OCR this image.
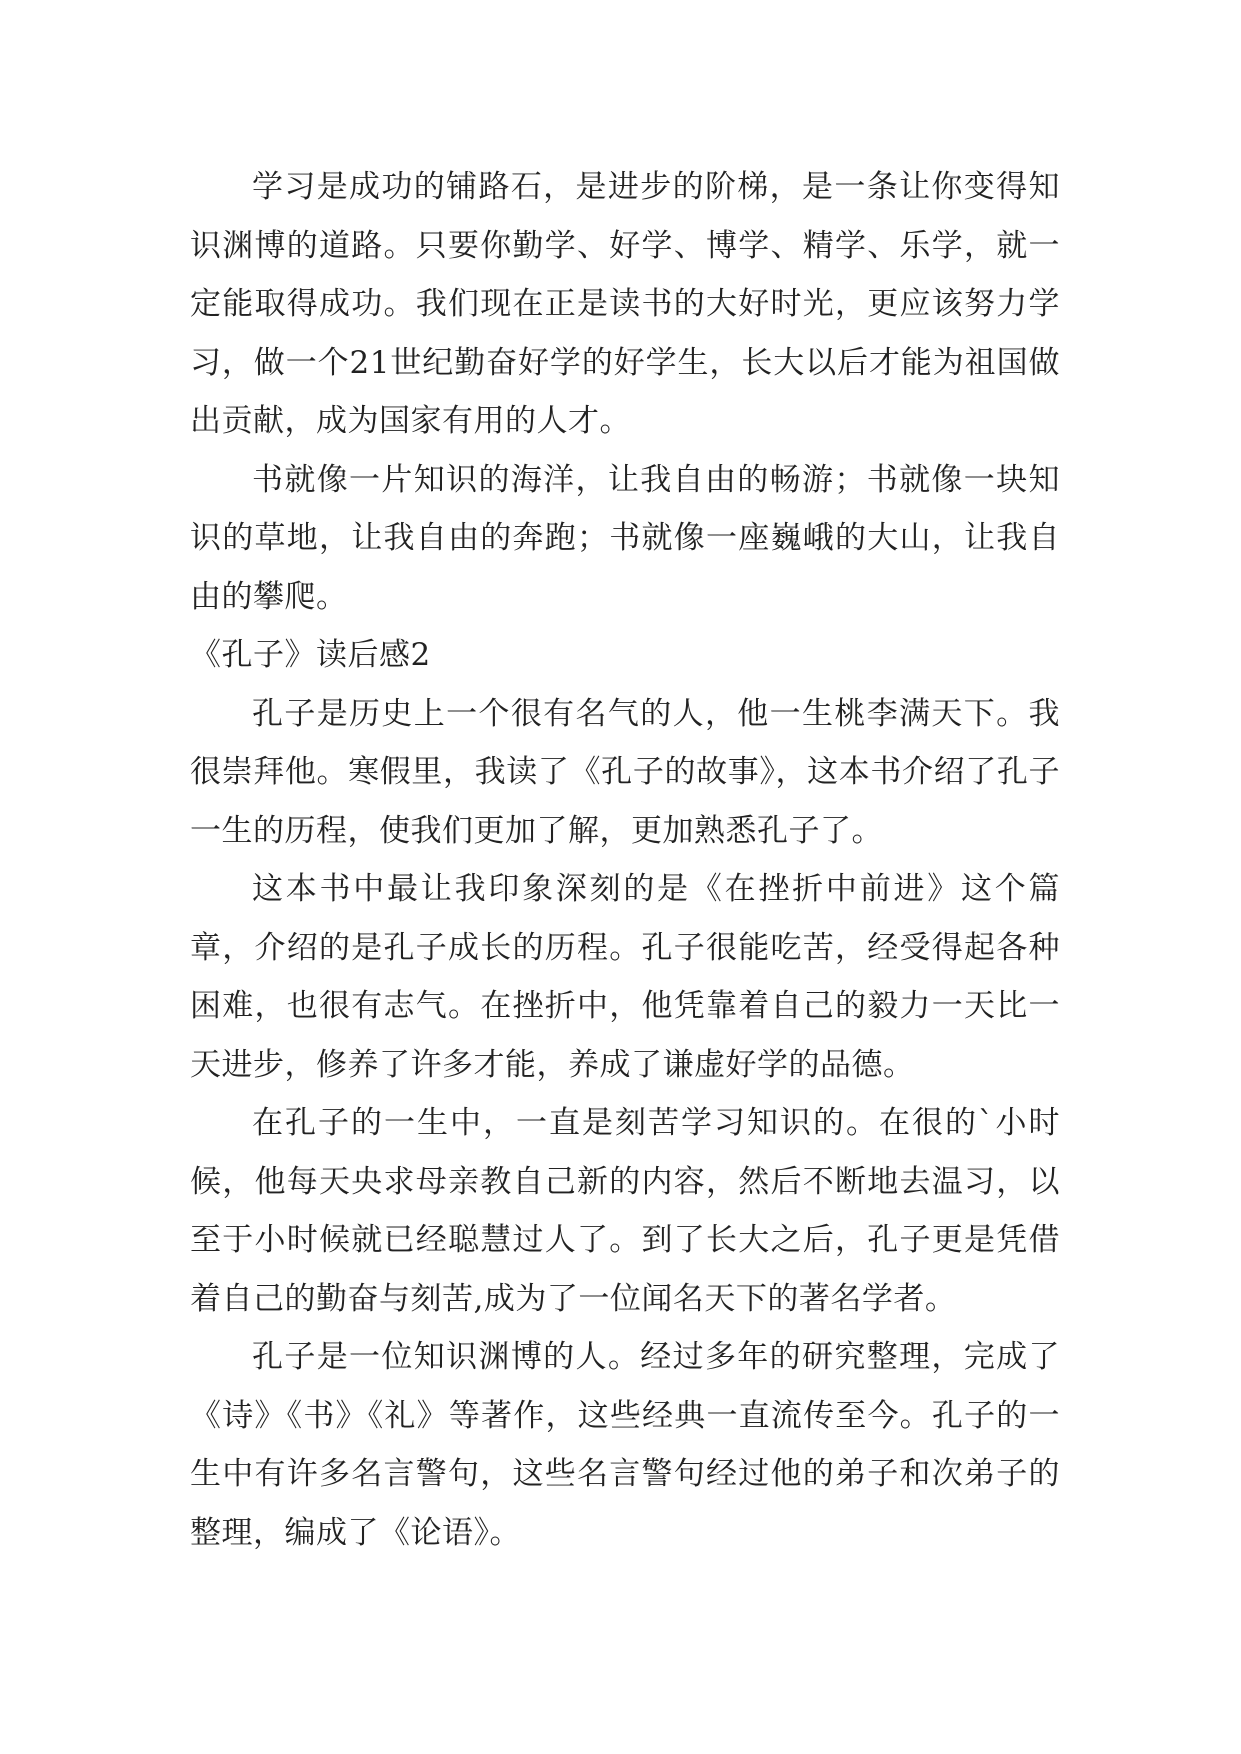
学习是成功的铺路石，是进步的阶梯，是一条让你变得知识渊博的道路。只要你勤学、好学、博学、精学、乐学，就一定能取得成功。我们现在正是读书的大好时光，更应该努力学习，做一个21世纪勤奋好学的好学生，长大以后才能为祖国做出贡献，成为国家有用的人才。

书就像一片知识的海洋，让我自由的畅游；书就像一块知识的草地，让我自由的奔跑；书就像一座巍峨的大山，让我自由的攀爬。

《孔子》读后感2

孔子是历史上一个很有名气的人，他一生桃李满天下。我很崇拜他。寒假里，我读了《孔子的故事》，这本书介绍了孔子一生的历程，使我们更加了解，更加熟悉孔子了。

这本书中最让我印象深刻的是《在挫折中前进》这个篇章，介绍的是孔子成长的历程。孔子很能吃苦，经受得起各种困难，也很有志气。在挫折中，他凭靠着自己的毅力一天比一天进步，修养了许多才能，养成了谦虚好学的品德。

在孔子的一生中，一直是刻苦学习知识的。在很的`小时候，他每天央求母亲教自己新的内容，然后不断地去温习，以至于小时候就已经聪慧过人了。到了长大之后，孔子更是凭借着自己的勤奋与刻苦,成为了一位闻名天下的著名学者。

孔子是一位知识渊博的人。经过多年的研究整理，完成了《诗》《书》《礼》等著作，这些经典一直流传至今。孔子的一生中有许多名言警句，这些名言警句经过他的弟子和次弟子的整理，编成了《论语》。
